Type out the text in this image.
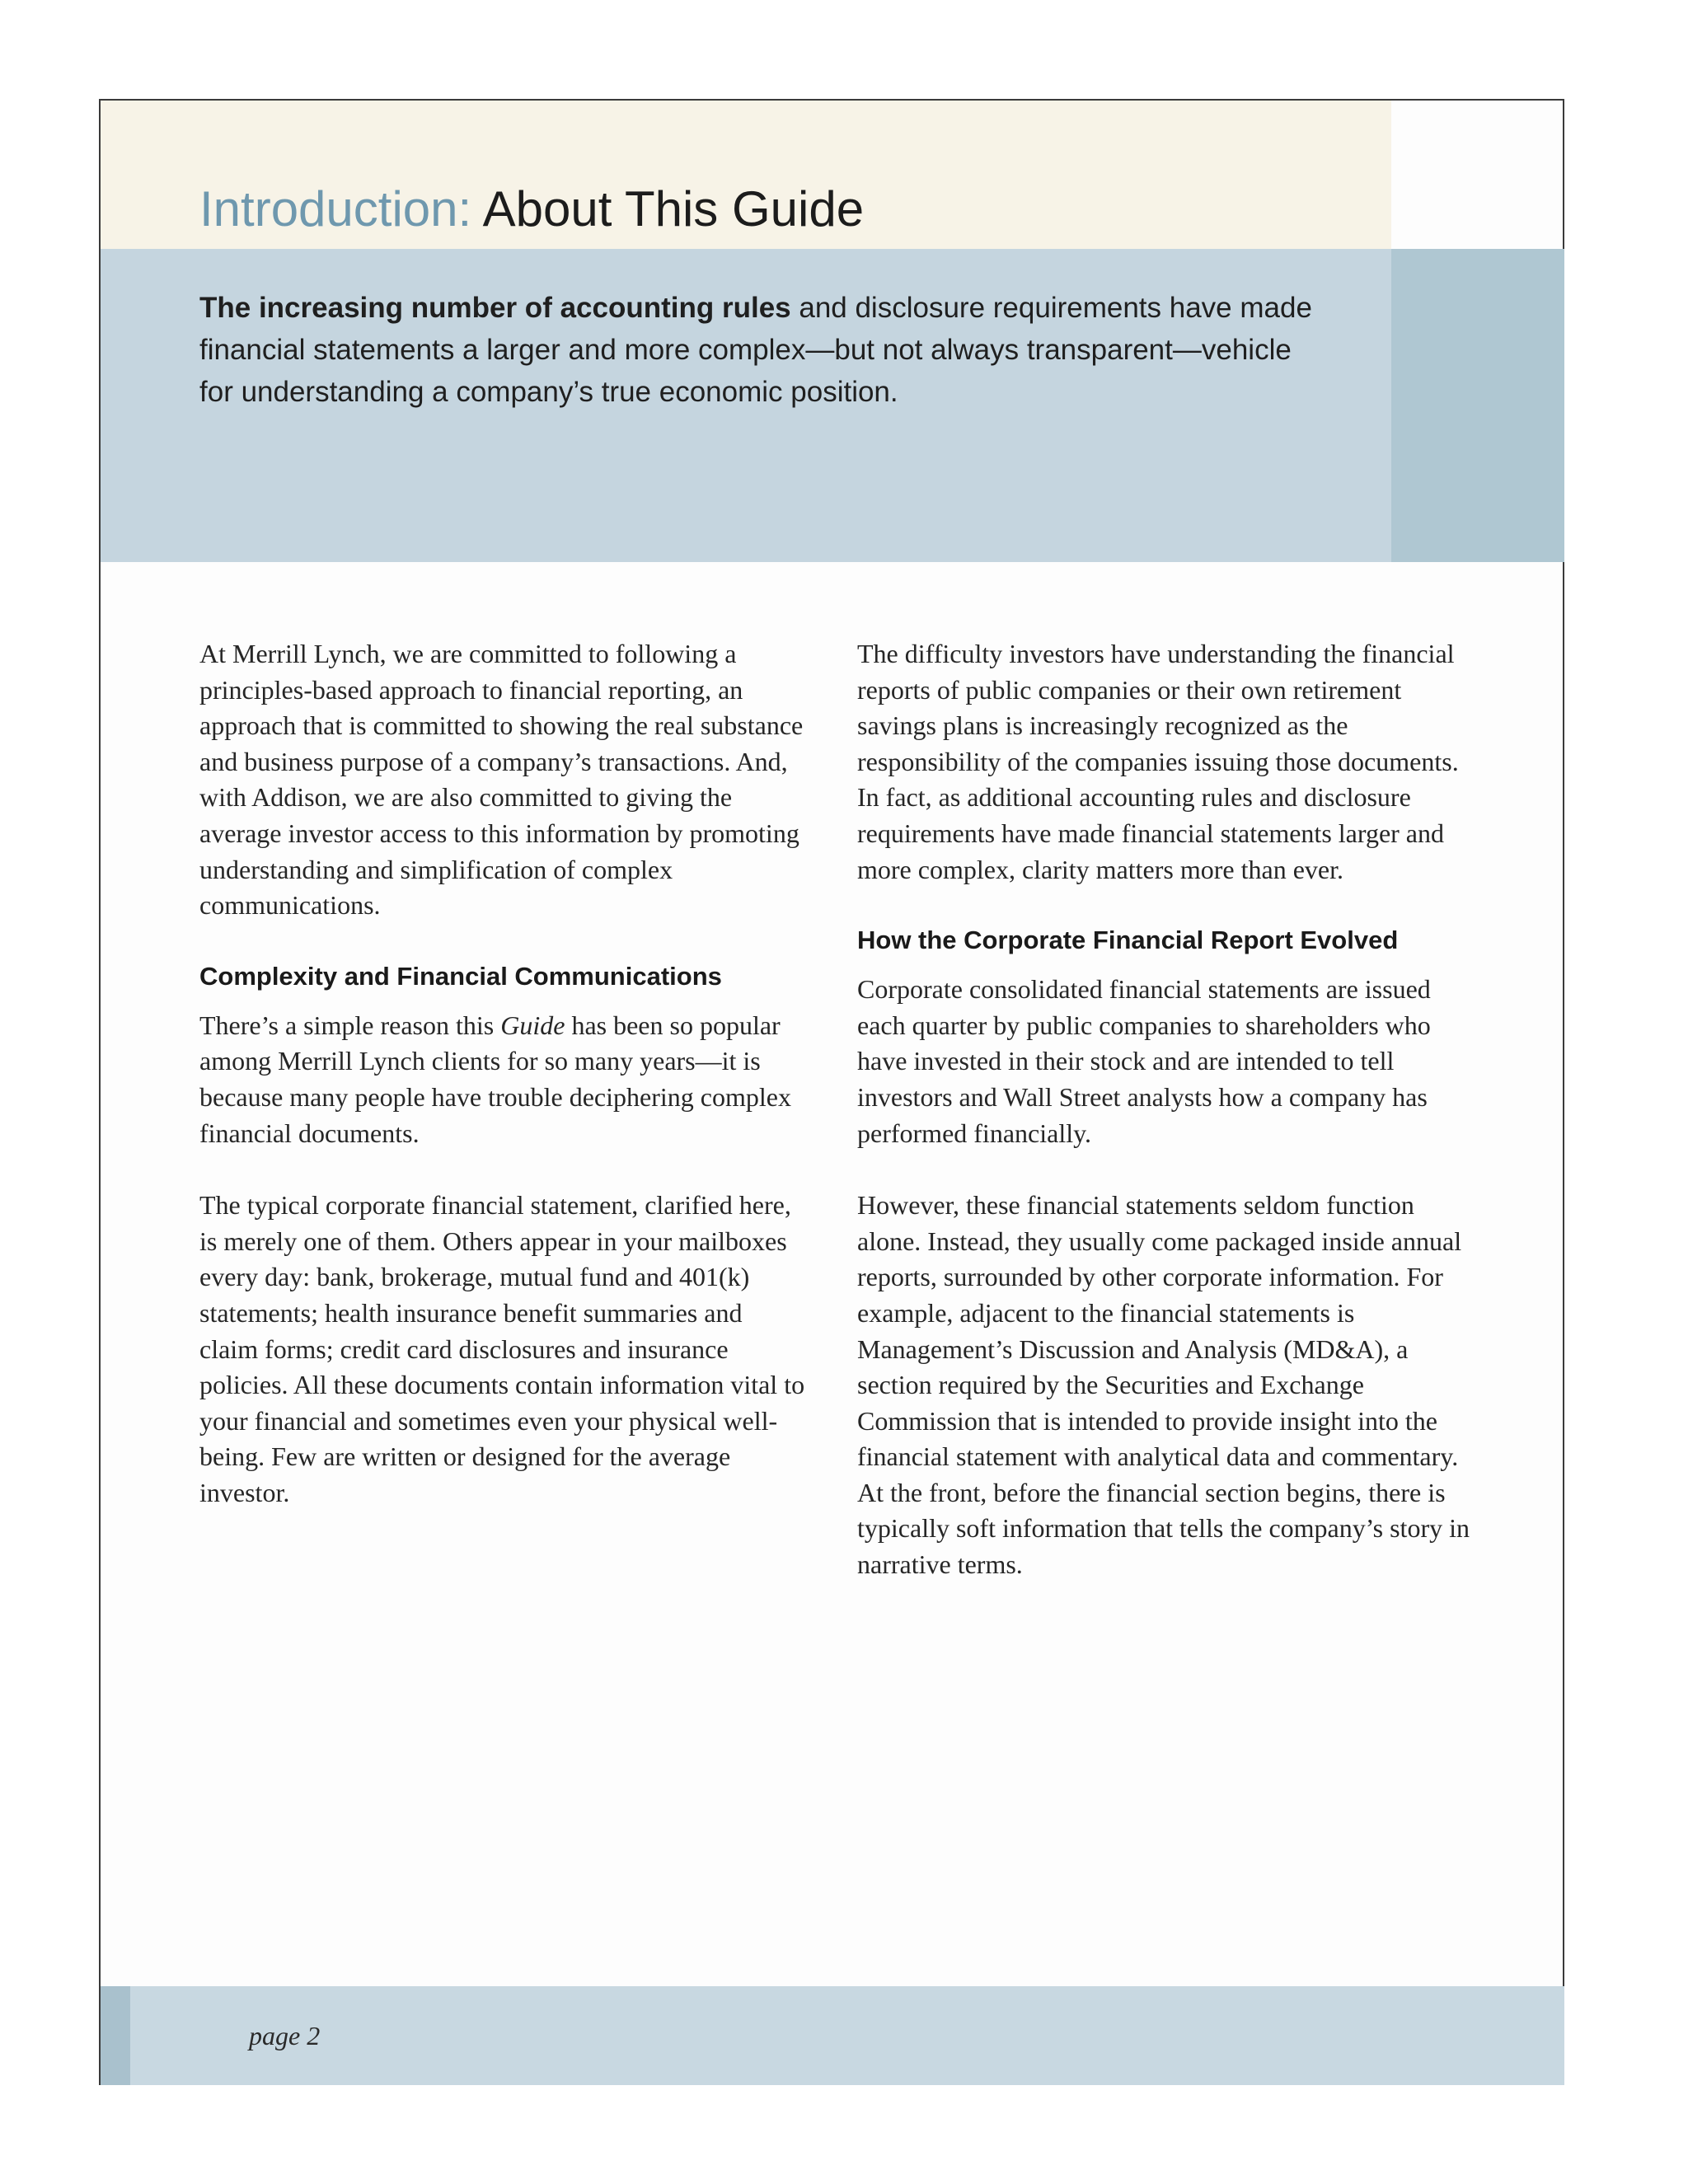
Introduction: About This Guide

The increasing number of accounting rules and disclosure requirements have made financial statements a larger and more complex—but not always transparent—vehicle for understanding a company’s true economic position.

At Merrill Lynch, we are committed to following a principles-based approach to financial reporting, an approach that is committed to showing the real substance and business purpose of a company’s transactions. And, with Addison, we are also committed to giving the average investor access to this information by promoting understanding and simplification of complex communications.

Complexity and Financial Communications

There’s a simple reason this Guide has been so popular among Merrill Lynch clients for so many years—it is because many people have trouble deciphering complex financial documents.

The typical corporate financial statement, clarified here, is merely one of them. Others appear in your mailboxes every day: bank, brokerage, mutual fund and 401(k) statements; health insurance benefit summaries and claim forms; credit card disclosures and insurance policies. All these documents contain information vital to your financial and sometimes even your physical well-being. Few are written or designed for the average investor.

The difficulty investors have understanding the financial reports of public companies or their own retirement savings plans is increasingly recognized as the responsibility of the companies issuing those documents. In fact, as additional accounting rules and disclosure requirements have made financial statements larger and more complex, clarity matters more than ever.

How the Corporate Financial Report Evolved

Corporate consolidated financial statements are issued each quarter by public companies to shareholders who have invested in their stock and are intended to tell investors and Wall Street analysts how a company has performed financially.

However, these financial statements seldom function alone. Instead, they usually come packaged inside annual reports, surrounded by other corporate information. For example, adjacent to the financial statements is Management’s Discussion and Analysis (MD&A), a section required by the Securities and Exchange Commission that is intended to provide insight into the financial statement with analytical data and commentary. At the front, before the financial section begins, there is typically soft information that tells the company’s story in narrative terms.

page 2
